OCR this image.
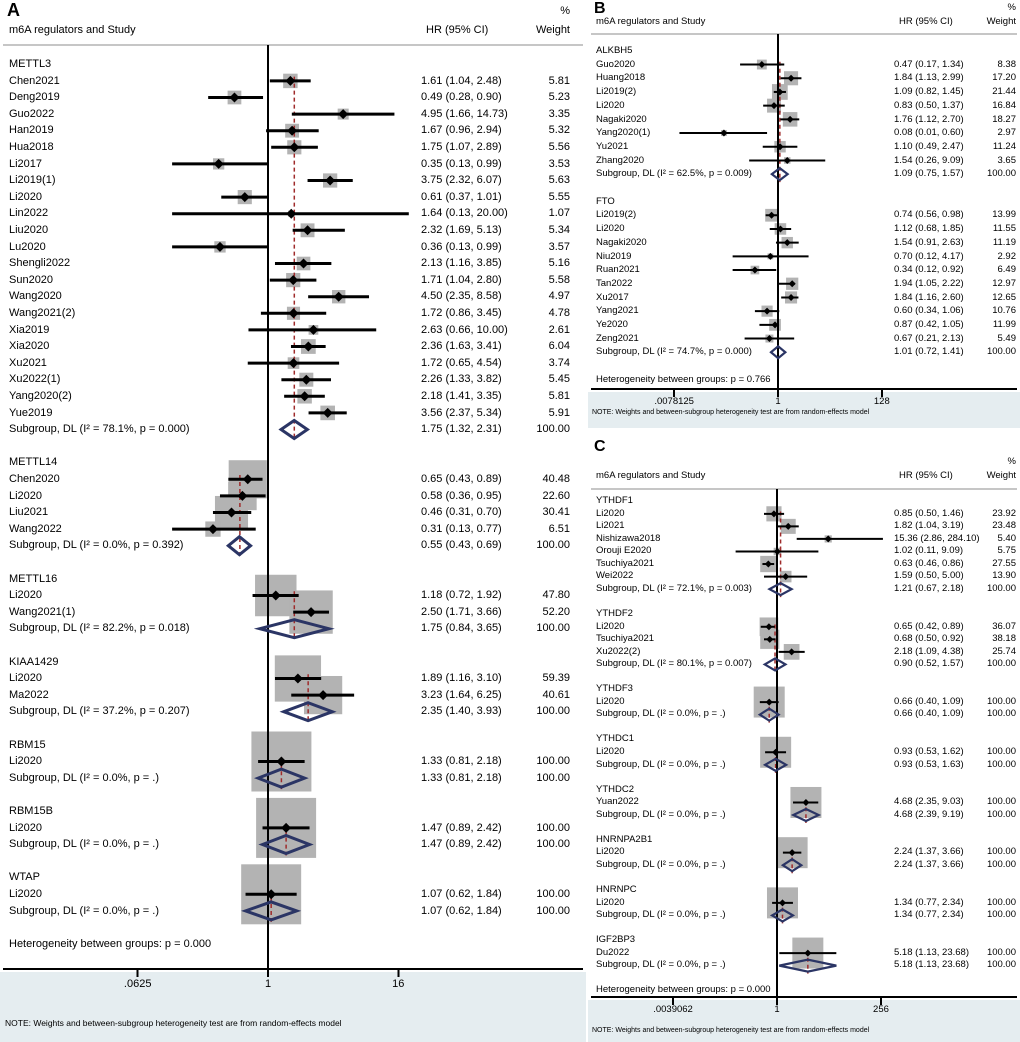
.0625	1	16
A	%
m6A regulators and Study	HR (95% CI)	Weight
METTL3
Chen2021	1.61 (1.04, 2.48)	5.81
Deng2019	0.49 (0.28, 0.90)	5.23
Guo2022	4.95 (1.66, 14.73)	3.35
Han2019	1.67 (0.96, 2.94)	5.32
Hua2018	1.75 (1.07, 2.89)	5.56
Li2017	0.35 (0.13, 0.99)	3.53
Li2019(1)	3.75 (2.32, 6.07)	5.63
Li2020	0.61 (0.37, 1.01)	5.55
Lin2022	1.64 (0.13, 20.00)	1.07
Liu2020	2.32 (1.69, 5.13)	5.34
Lu2020	0.36 (0.13, 0.99)	3.57
Shengli2022	2.13 (1.16, 3.85)	5.16
Sun2020	1.71 (1.04, 2.80)	5.58
Wang2020	4.50 (2.35, 8.58)	4.97
Wang2021(2)	1.72 (0.86, 3.45)	4.78
Xia2019	2.63 (0.66, 10.00)	2.61
Xia2020	2.36 (1.63, 3.41)	6.04
Xu2021	1.72 (0.65, 4.54)	3.74
Xu2022(1)	2.26 (1.33, 3.82)	5.45
Yang2020(2)	2.18 (1.41, 3.35)	5.81
Yue2019	3.56 (2.37, 5.34)	5.91
Subgroup, DL (I² = 78.1%, p = 0.000)	1.75 (1.32, 2.31)	100.00
METTL14
Chen2020	0.65 (0.43, 0.89)	40.48
Li2020	0.58 (0.36, 0.95)	22.60
Liu2021	0.46 (0.31, 0.70)	30.41
Wang2022	0.31 (0.13, 0.77)	6.51
Subgroup, DL (I² = 0.0%, p = 0.392)	0.55 (0.43, 0.69)	100.00
METTL16
Li2020	1.18 (0.72, 1.92)	47.80
Wang2021(1)	2.50 (1.71, 3.66)	52.20
Subgroup, DL (I² = 82.2%, p = 0.018)	1.75 (0.84, 3.65)	100.00
KIAA1429
Li2020	1.89 (1.16, 3.10)	59.39
Ma2022	3.23 (1.64, 6.25)	40.61
Subgroup, DL (I² = 37.2%, p = 0.207)	2.35 (1.40, 3.93)	100.00
RBM15
Li2020	1.33 (0.81, 2.18)	100.00
Subgroup, DL (I² = 0.0%, p = .)	1.33 (0.81, 2.18)	100.00
RBM15B
Li2020	1.47 (0.89, 2.42)	100.00
Subgroup, DL (I² = 0.0%, p = .)	1.47 (0.89, 2.42)	100.00
WTAP
Li2020	1.07 (0.62, 1.84)	100.00
Subgroup, DL (I² = 0.0%, p = .)	1.07 (0.62, 1.84)	100.00
Heterogeneity between groups: p = 0.000
NOTE: Weights and between-subgroup heterogeneity test are from random-effects model
.0078125	1	128
B	%
m6A regulators and Study	HR (95% CI)	Weight
ALKBH5
Guo2020	0.47 (0.17, 1.34)	8.38
Huang2018	1.84 (1.13, 2.99)	17.20
Li2019(2)	1.09 (0.82, 1.45)	21.44
Li2020	0.83 (0.50, 1.37)	16.84
Nagaki2020	1.76 (1.12, 2.70)	18.27
Yang2020(1)	0.08 (0.01, 0.60)	2.97
Yu2021	1.10 (0.49, 2.47)	11.24
Zhang2020	1.54 (0.26, 9.09)	3.65
Subgroup, DL (I² = 62.5%, p = 0.009)	1.09 (0.75, 1.57)	100.00
FTO
Li2019(2)	0.74 (0.56, 0.98)	13.99
Li2020	1.12 (0.68, 1.85)	11.55
Nagaki2020	1.54 (0.91, 2.63)	11.19
Niu2019	0.70 (0.12, 4.17)	2.92
Ruan2021	0.34 (0.12, 0.92)	6.49
Tan2022	1.94 (1.05, 2.22)	12.97
Xu2017	1.84 (1.16, 2.60)	12.65
Yang2021	0.60 (0.34, 1.06)	10.76
Ye2020	0.87 (0.42, 1.05)	11.99
Zeng2021	0.67 (0.21, 2.13)	5.49
Subgroup, DL (I² = 74.7%, p = 0.000)	1.01 (0.72, 1.41)	100.00
Heterogeneity between groups: p = 0.766
NOTE: Weights and between-subgroup heterogeneity test are from random-effects model
.0039062	1	256
C
%
m6A regulators and Study	HR (95% CI)	Weight
YTHDF1
Li2020	0.85 (0.50, 1.46)	23.92
Li2021	1.82 (1.04, 3.19)	23.48
Nishizawa2018	15.36 (2.86, 284.10)	5.40
Orouji E2020	1.02 (0.11, 9.09)	5.75
Tsuchiya2021	0.63 (0.46, 0.86)	27.55
Wei2022	1.59 (0.50, 5.00)	13.90
Subgroup, DL (I² = 72.1%, p = 0.003)	1.21 (0.67, 2.18)	100.00
YTHDF2
Li2020	0.65 (0.42, 0.89)	36.07
Tsuchiya2021	0.68 (0.50, 0.92)	38.18
Xu2022(2)	2.18 (1.09, 4.38)	25.74
Subgroup, DL (I² = 80.1%, p = 0.007)	0.90 (0.52, 1.57)	100.00
YTHDF3
Li2020	0.66 (0.40, 1.09)	100.00
Subgroup, DL (I² = 0.0%, p = .)	0.66 (0.40, 1.09)	100.00
YTHDC1
Li2020	0.93 (0.53, 1.62)	100.00
Subgroup, DL (I² = 0.0%, p = .)	0.93 (0.53, 1.63)	100.00
YTHDC2
Yuan2022	4.68 (2.35, 9.03)	100.00
Subgroup, DL (I² = 0.0%, p = .)	4.68 (2.39, 9.19)	100.00
HNRNPA2B1
Li2020	2.24 (1.37, 3.66)	100.00
Subgroup, DL (I² = 0.0%, p = .)	2.24 (1.37, 3.66)	100.00
HNRNPC
Li2020	1.34 (0.77, 2.34)	100.00
Subgroup, DL (I² = 0.0%, p = .)	1.34 (0.77, 2.34)	100.00
IGF2BP3
Du2022	5.18 (1.13, 23.68)	100.00
Subgroup, DL (I² = 0.0%, p = .)	5.18 (1.13, 23.68)	100.00
Heterogeneity between groups: p = 0.000
NOTE: Weights and between-subgroup heterogeneity test are from random-effects model
